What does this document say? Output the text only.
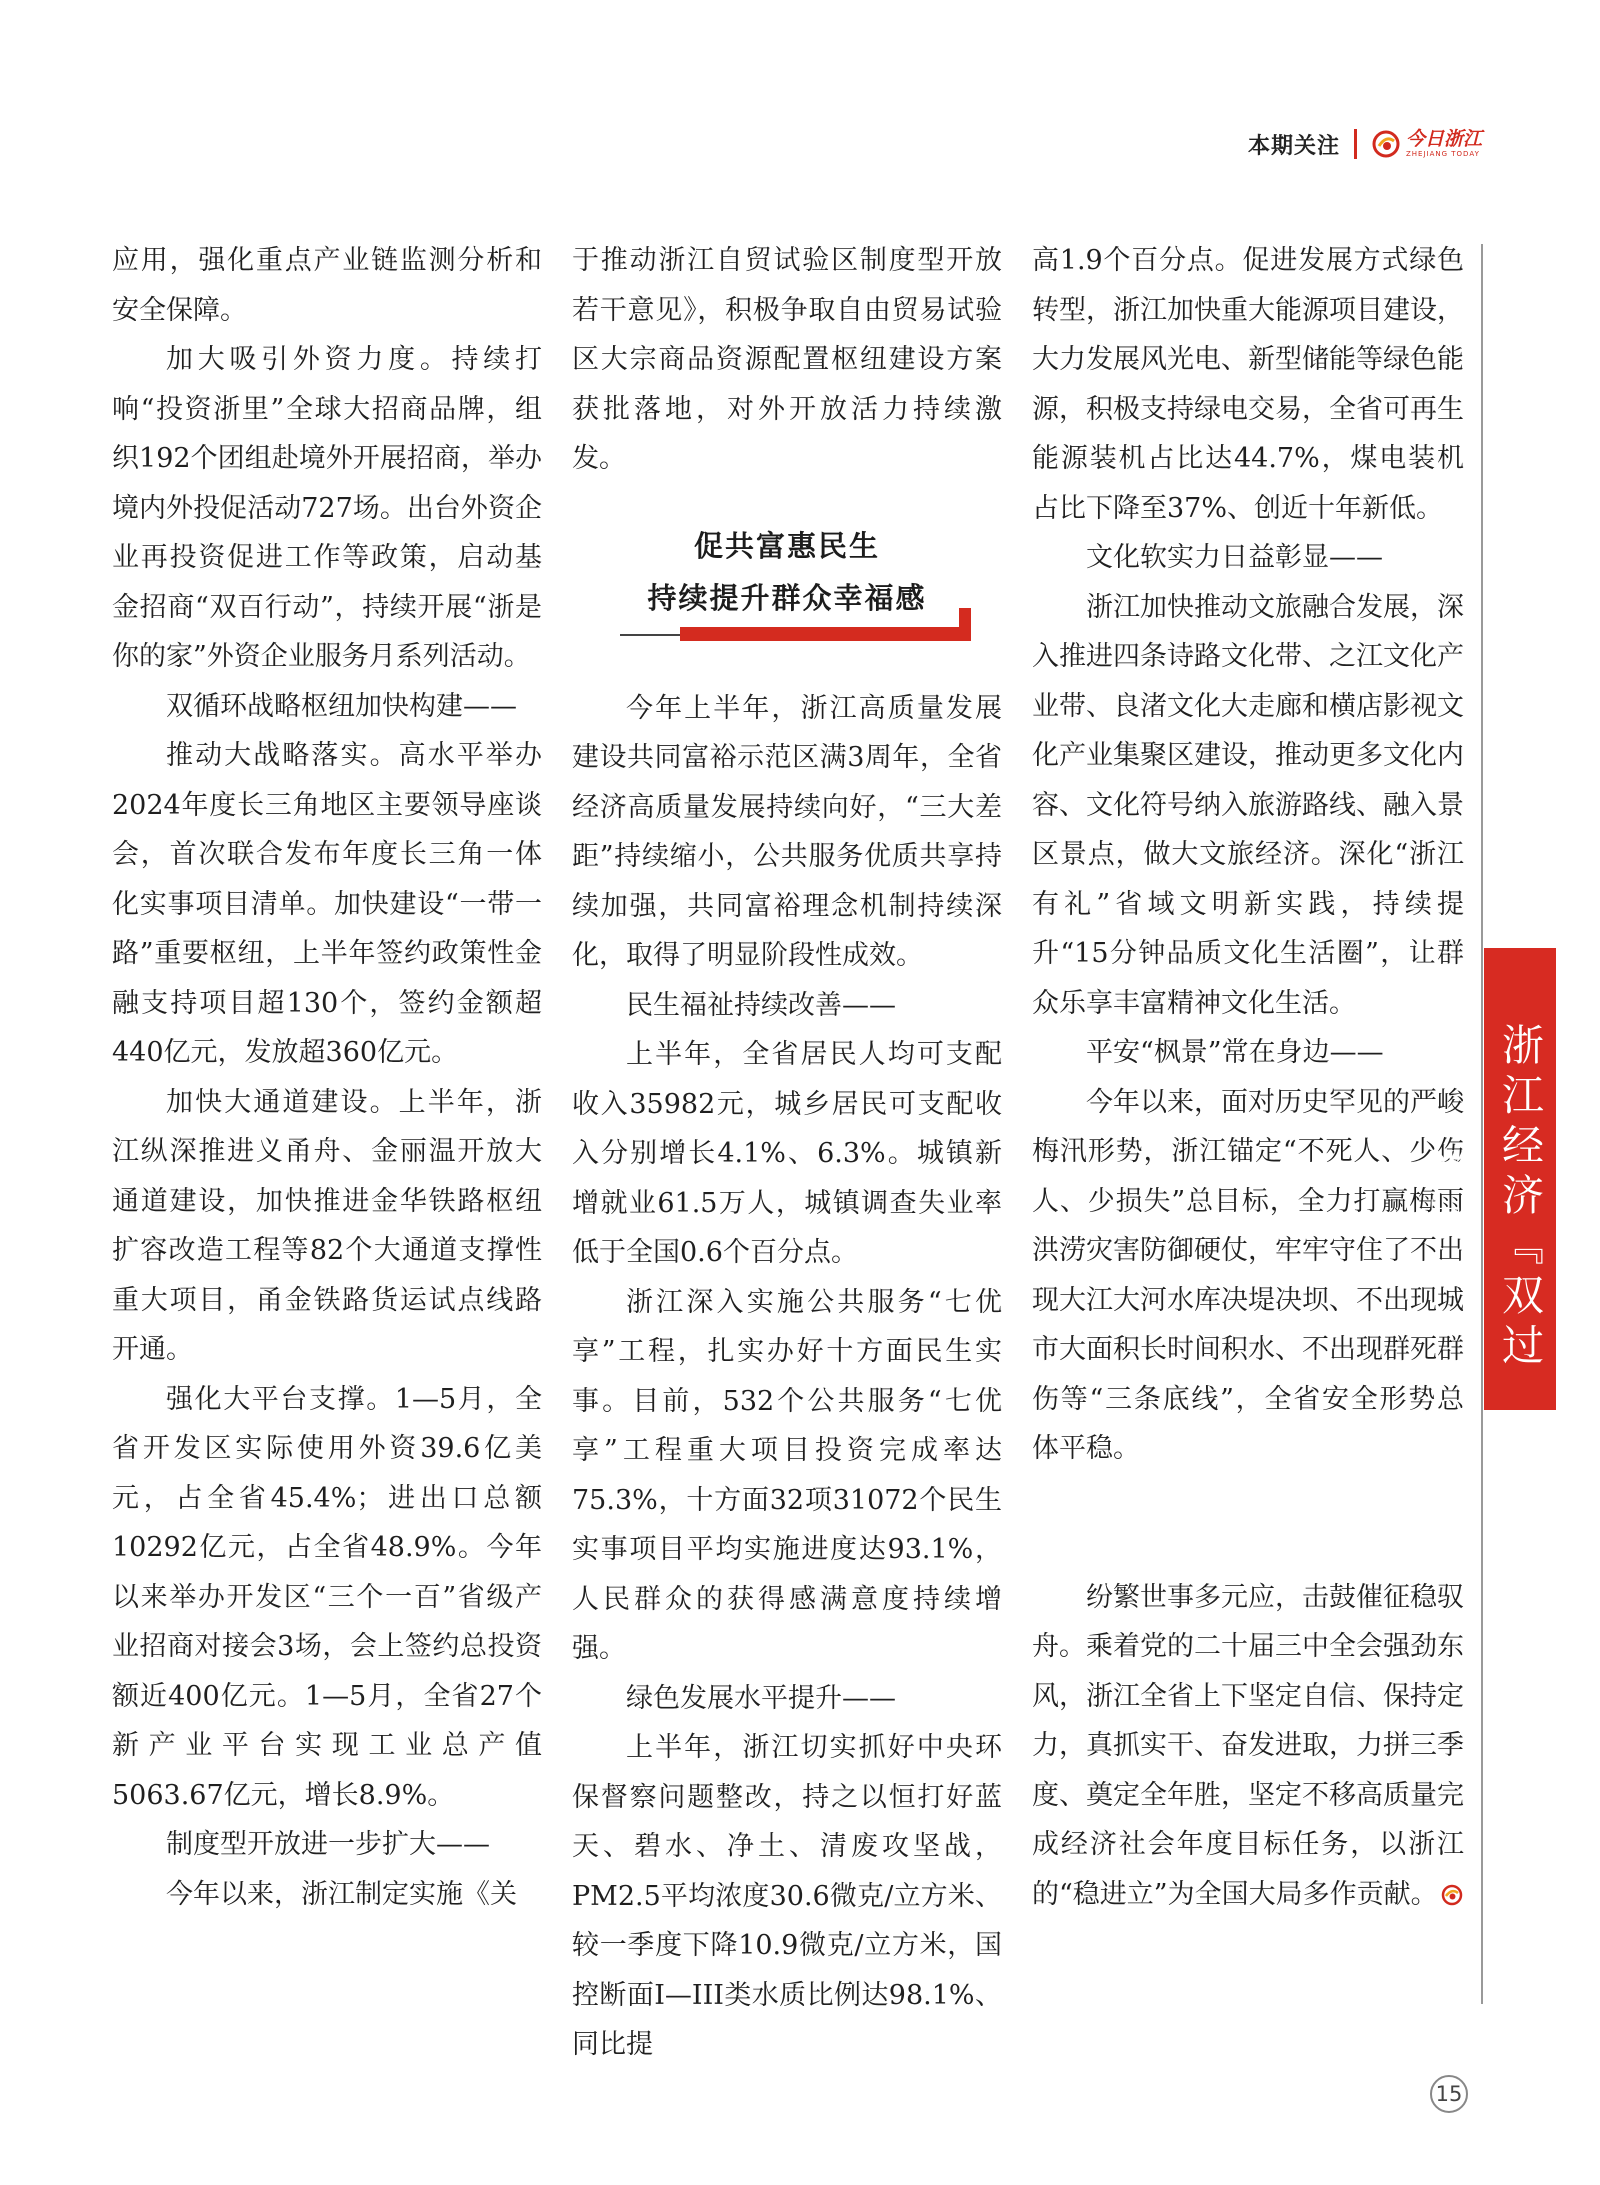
本期关注	今日浙江
ZHEJIANG TODAY

应用，强化重点产业链监测分析和安全保障。

加大吸引外资力度。持续打响“投资浙里”全球大招商品牌，组织192个团组赴境外开展招商，举办境内外投促活动727场。出台外资企业再投资促进工作等政策，启动基金招商“双百行动”，持续开展“浙是你的家”外资企业服务月系列活动。

双循环战略枢纽加快构建——

推动大战略落实。高水平举办2024年度长三角地区主要领导座谈会，首次联合发布年度长三角一体化实事项目清单。加快建设“一带一路”重要枢纽，上半年签约政策性金融支持项目超130个，签约金额超440亿元，发放超360亿元。

加快大通道建设。上半年，浙江纵深推进义甬舟、金丽温开放大通道建设，加快推进金华铁路枢纽扩容改造工程等82个大通道支撑性重大项目，甬金铁路货运试点线路开通。

强化大平台支撑。1—5月，全省开发区实际使用外资39.6亿美元，占全省45.4%；进出口总额10292亿元，占全省48.9%。今年以来举办开发区“三个一百”省级产业招商对接会3场，会上签约总投资额近400亿元。1—5月，全省27个新产业平台实现工业总产值5063.67亿元，增长8.9%。

制度型开放进一步扩大——

今年以来，浙江制定实施《关

于推动浙江自贸试验区制度型开放若干意见》，积极争取自由贸易试验区大宗商品资源配置枢纽建设方案获批落地，对外开放活力持续激发。

促共富惠民生
持续提升群众幸福感

今年上半年，浙江高质量发展建设共同富裕示范区满3周年，全省经济高质量发展持续向好，“三大差距”持续缩小，公共服务优质共享持续加强，共同富裕理念机制持续深化，取得了明显阶段性成效。

民生福祉持续改善——

上半年，全省居民人均可支配收入35982元，城乡居民可支配收入分别增长4.1%、6.3%。城镇新增就业61.5万人，城镇调查失业率低于全国0.6个百分点。

浙江深入实施公共服务“七优享”工程，扎实办好十方面民生实事。目前，532个公共服务“七优享”工程重大项目投资完成率达75.3%，十方面32项31072个民生实事项目平均实施进度达93.1%，人民群众的获得感满意度持续增强。

绿色发展水平提升——

上半年，浙江切实抓好中央环保督察问题整改，持之以恒打好蓝天、碧水、净土、清废攻坚战，PM2.5平均浓度30.6微克/立方米、较一季度下降10.9微克/立方米，国控断面I—III类水质比例达98.1%、同比提

高1.9个百分点。促进发展方式绿色转型，浙江加快重大能源项目建设，大力发展风光电、新型储能等绿色能源，积极支持绿电交易，全省可再生能源装机占比达44.7%，煤电装机占比下降至37%、创近十年新低。

文化软实力日益彰显——

浙江加快推动文旅融合发展，深入推进四条诗路文化带、之江文化产业带、良渚文化大走廊和横店影视文化产业集聚区建设，推动更多文化内容、文化符号纳入旅游路线、融入景区景点，做大文旅经济。深化“浙江有礼”省域文明新实践，持续提升“15分钟品质文化生活圈”，让群众乐享丰富精神文化生活。

平安“枫景”常在身边——

今年以来，面对历史罕见的严峻梅汛形势，浙江锚定“不死人、少伤人、少损失”总目标，全力打赢梅雨洪涝灾害防御硬仗，牢牢守住了不出现大江大河水库决堤决坝、不出现城市大面积长时间积水、不出现群死群伤等“三条底线”，全省安全形势总体平稳。

纷繁世事多元应，击鼓催征稳驭舟。乘着党的二十届三中全会强劲东风，浙江全省上下坚定自信、保持定力，真抓实干、奋发进取，力拼三季度、奠定全年胜，坚定不移高质量完成经济社会年度目标任务，以浙江的“稳进立”为全国大局多作贡献。

浙江经济『双过半』
15
